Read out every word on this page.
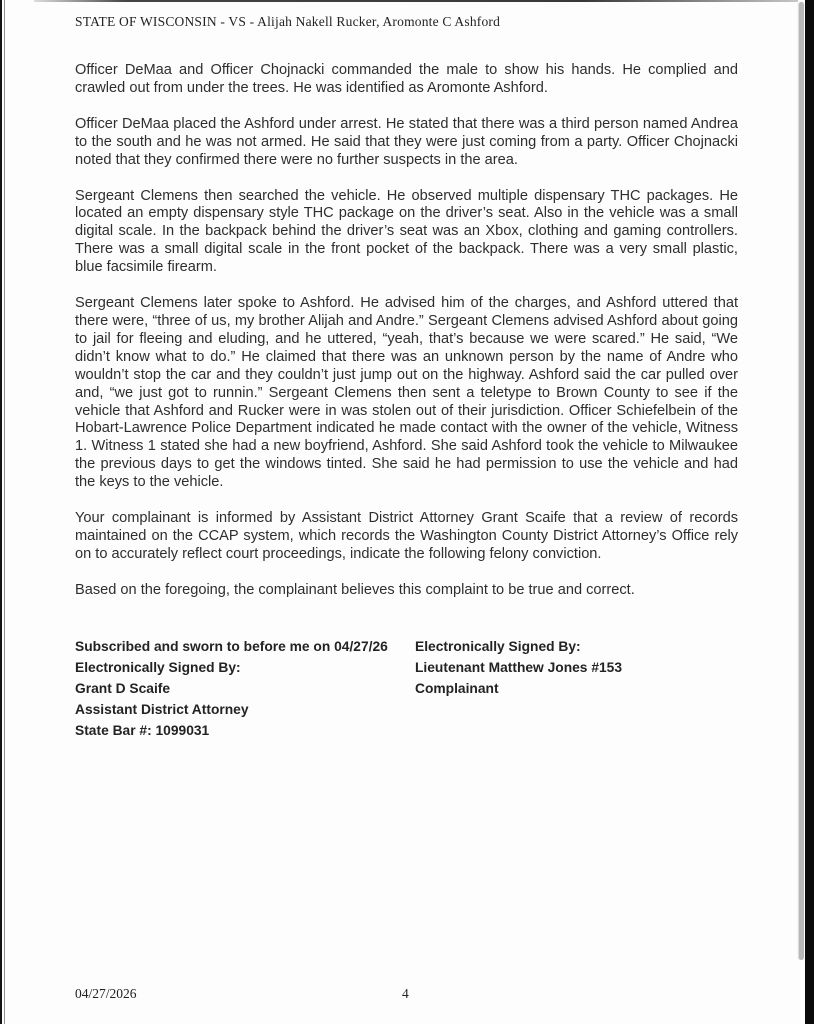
STATE OF WISCONSIN - VS - Alijah Nakell Rucker, Aromonte C Ashford

Officer DeMaa and Officer Chojnacki commanded the male to show his hands. He complied and crawled out from under the trees. He was identified as Aromonte Ashford.

Officer DeMaa placed the Ashford under arrest. He stated that there was a third person named Andrea to the south and he was not armed. He said that they were just coming from a party. Officer Chojnacki noted that they confirmed there were no further suspects in the area.

Sergeant Clemens then searched the vehicle. He observed multiple dispensary THC packages. He located an empty dispensary style THC package on the driver’s seat. Also in the vehicle was a small digital scale. In the backpack behind the driver’s seat was an Xbox, clothing and gaming controllers. There was a small digital scale in the front pocket of the backpack. There was a very small plastic, blue facsimile firearm.

Sergeant Clemens later spoke to Ashford. He advised him of the charges, and Ashford uttered that there were, “three of us, my brother Alijah and Andre.” Sergeant Clemens advised Ashford about going to jail for fleeing and eluding, and he uttered, “yeah, that’s because we were scared.” He said, “We didn’t know what to do.” He claimed that there was an unknown person by the name of Andre who wouldn’t stop the car and they couldn’t just jump out on the highway. Ashford said the car pulled over and, “we just got to runnin.” Sergeant Clemens then sent a teletype to Brown County to see if the vehicle that Ashford and Rucker were in was stolen out of their jurisdiction. Officer Schiefelbein of the Hobart-Lawrence Police Department indicated he made contact with the owner of the vehicle, Witness 1. Witness 1 stated she had a new boyfriend, Ashford. She said Ashford took the vehicle to Milwaukee the previous days to get the windows tinted. She said he had permission to use the vehicle and had the keys to the vehicle.

Your complainant is informed by Assistant District Attorney Grant Scaife that a review of records maintained on the CCAP system, which records the Washington County District Attorney’s Office rely on to accurately reflect court proceedings, indicate the following felony conviction.

Based on the foregoing, the complainant believes this complaint to be true and correct.

Subscribed and sworn to before me on 04/27/26

Electronically Signed By:

Grant D Scaife

Assistant District Attorney

State Bar #: 1099031

Electronically Signed By:

Lieutenant Matthew Jones #153

Complainant

04/27/2026	4
